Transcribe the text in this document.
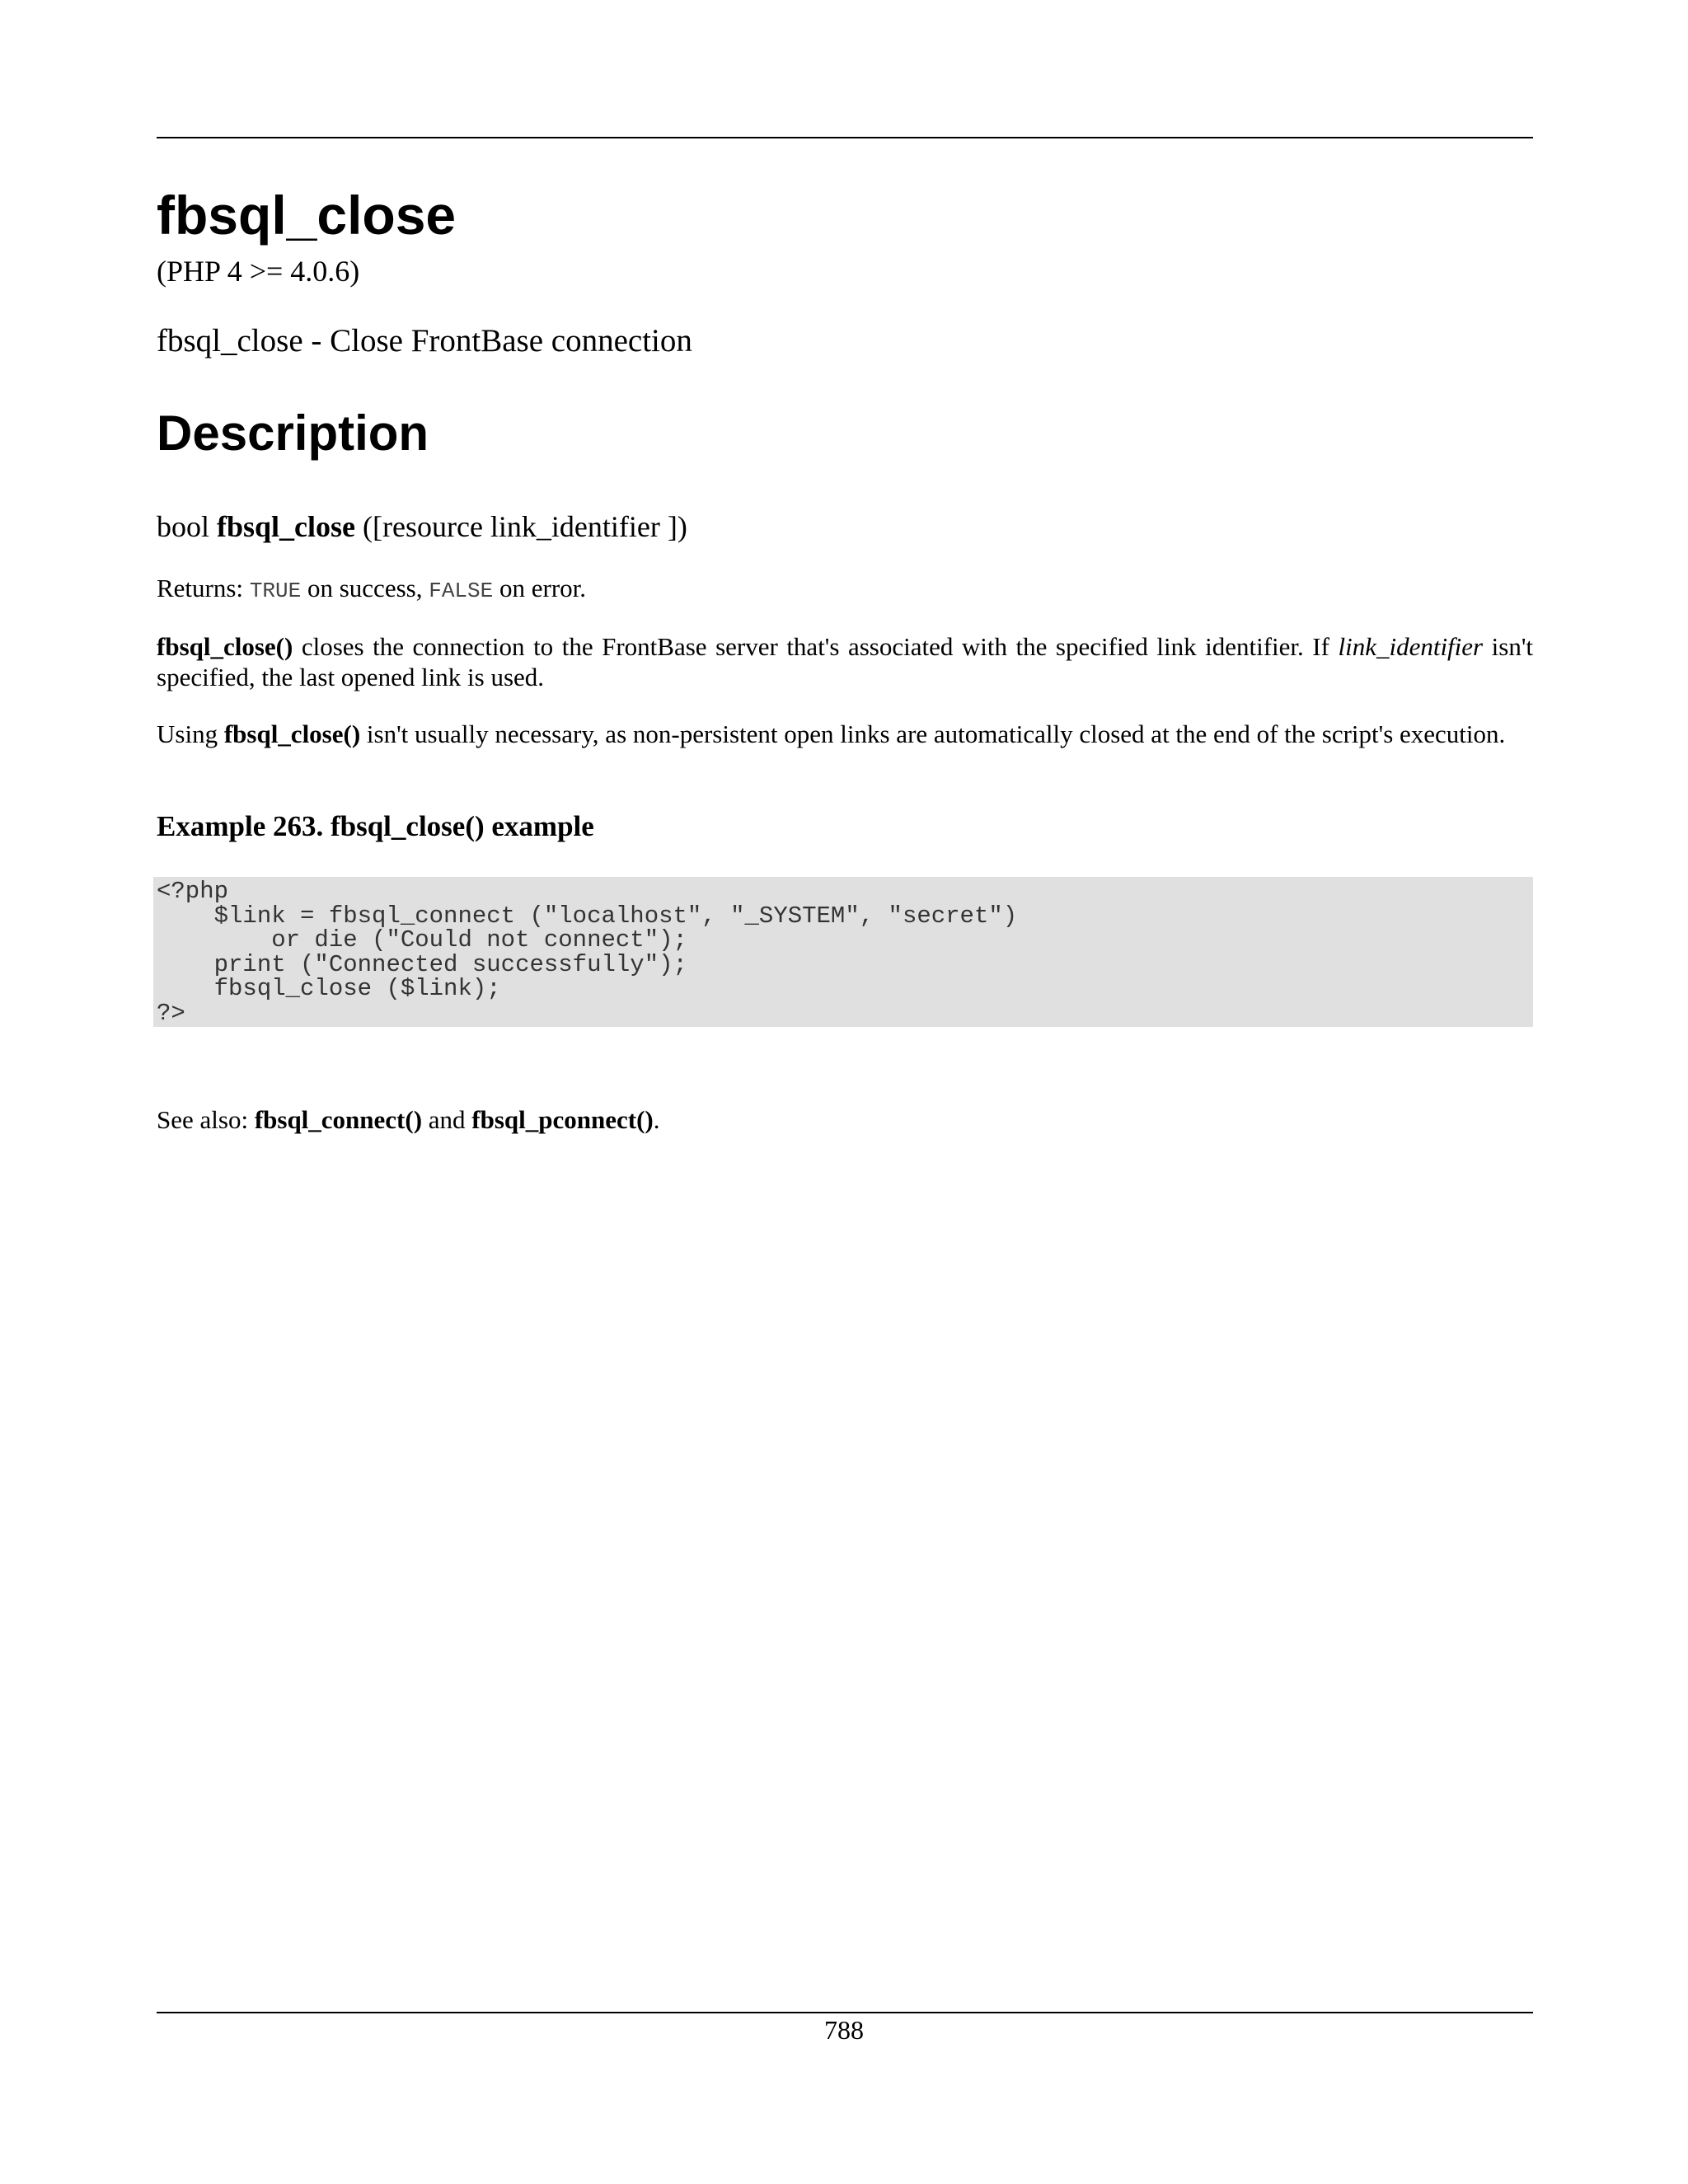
fbsql_close
(PHP 4 >= 4.0.6)
fbsql_close - Close FrontBase connection
Description
bool fbsql_close ([resource link_identifier ])
Returns: TRUE on success, FALSE on error.
fbsql_close() closes the connection to the FrontBase server that's associated with the specified link identifier. If link_identifier isn't specified, the last opened link is used.
Using fbsql_close() isn't usually necessary, as non-persistent open links are automatically closed at the end of the script's execution.
Example 263. fbsql_close() example
<?php
$link = fbsql_connect ("localhost", "_SYSTEM", "secret")
or die ("Could not connect");
print ("Connected successfully");
fbsql_close ($link);
?>
See also: fbsql_connect() and fbsql_pconnect().
788
